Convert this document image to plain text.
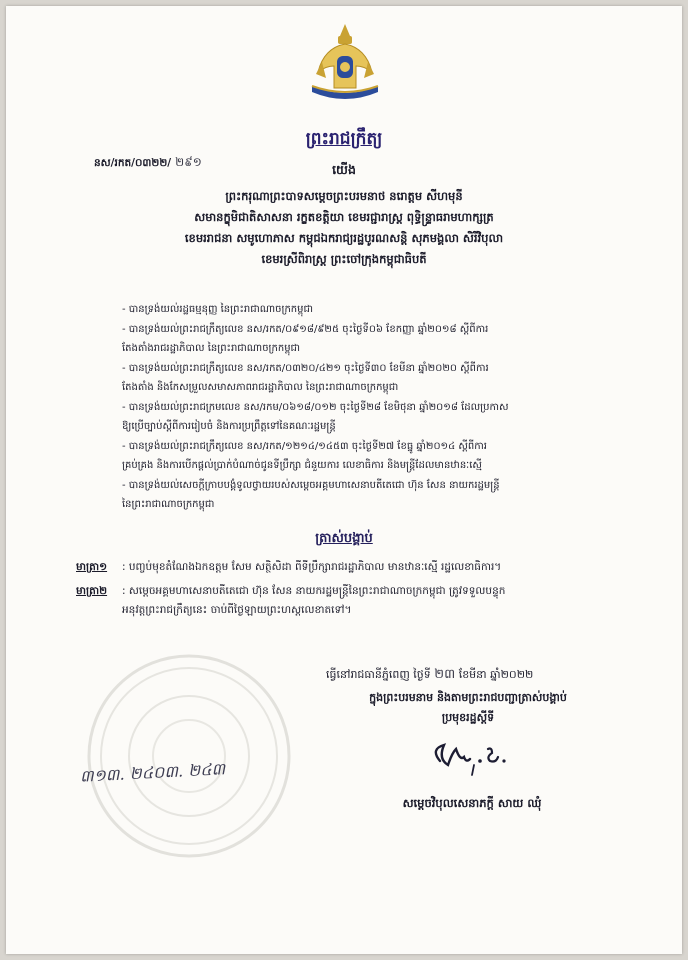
ព្រះរាជក្រឹត្យ
នស/រកត/០៣២២/ ២៩១	យើង
ព្រះករុណាព្រះបាទសម្តេចព្រះបរមនាថ នរោត្តម សីហមុនី
សមានក្ខុមិជាតិសាសនា រក្ខតខត្តិយា ខេមរជ្ជារាស្ត្រ ពុទ្ធិន្ទ្រាធរាមហាក្សត្រ
ខេមររាជនា សមូហោភាស កម្ពុជឯករាជ្យរដ្ឋបូរណសន្តិ សុភមង្គលា សិរីវិបុលា
ខេមរស្រីពិរាស្ត្រ ព្រះចៅក្រុងកម្ពុជាធិបតី
- បានទ្រង់យល់រដ្ឋធម្មនុញ្ញ នៃព្រះរាជាណាចក្រកម្ពុជា
- បានទ្រង់យល់ព្រះរាជក្រឹត្យលេខ នស/រកត/០៩១៨/៩២៥ ចុះថ្ងៃទី០៦ ខែកញ្ញា ឆ្នាំ២០១៨ ស្តីពីការ
តែងតាំងរាជរដ្ឋាភិបាល នៃព្រះរាជាណាចក្រកម្ពុជា
- បានទ្រង់យល់ព្រះរាជក្រឹត្យលេខ នស/រកត/០៣២០/៤២១ ចុះថ្ងៃទី៣០ ខែមីនា ឆ្នាំ២០២០ ស្តីពីការ
តែងតាំង និងកែសម្រួលសមាសភាពរាជរដ្ឋាភិបាល នៃព្រះរាជាណាចក្រកម្ពុជា
- បានទ្រង់យល់ព្រះរាជក្រមលេខ នស/រកម/០៦១៨/០១២ ចុះថ្ងៃទី២៨ ខែមិថុនា ឆ្នាំ២០១៨ ដែលប្រកាស
ឱ្យប្រើច្បាប់ស្តីពីការរៀបចំ និងការប្រព្រឹត្តទៅនៃគណៈរដ្ឋមន្ត្រី
- បានទ្រង់យល់ព្រះរាជក្រឹត្យលេខ នស/រកត/១២១៤/១៤៥៣ ចុះថ្ងៃទី២៧ ខែធ្នូ ឆ្នាំ២០១៤ ស្តីពីការ
គ្រប់គ្រង និងការបើកផ្តល់ប្រាក់បំណាច់ជូនទីប្រឹក្សា ជំនួយការ លេខាធិការ និងមន្ត្រីដែលមានឋានៈស្មើ
- បានទ្រង់យល់សេចក្តីក្រាបបង្គំទូលថ្វាយរបស់សម្តេចអគ្គមហាសេនាបតីតេជោ ហ៊ុន សែន នាយករដ្ឋមន្ត្រី
នៃព្រះរាជាណាចក្រកម្ពុជា
ត្រាស់បង្គាប់
មាត្រា១ : បញ្ចប់មុខតំណែងឯកឧត្តម សែម សត្ថិសិដា ពីទីប្រឹក្សារាជរដ្ឋាភិបាល មានឋានៈស្មើ រដ្ឋលេខាធិការ។
មាត្រា២ : សម្តេចអគ្គមហាសេនាបតីតេជោ ហ៊ុន សែន នាយករដ្ឋមន្ត្រីនៃព្រះរាជាណាចក្រកម្ពុជា ត្រូវទទួលបន្ទុក
អនុវត្តព្រះរាជក្រឹត្យនេះ ចាប់ពីថ្ងៃឡាយព្រះហស្តលេខាតទៅ។
ធ្វើនៅរាជធានីភ្នំពេញ ថ្ងៃទី ២៣ ខែមីនា ឆ្នាំ២០២២
ក្នុងព្រះបរមនាម និងតាមព្រះរាជបញ្ជាត្រាស់បង្គាប់
ប្រមុខរដ្ឋស្តីទី
សម្តេចវិបុលសេនាភក្តី សាយ ឈុំ
៣១៣. ២៤០៣. ២៤៣
